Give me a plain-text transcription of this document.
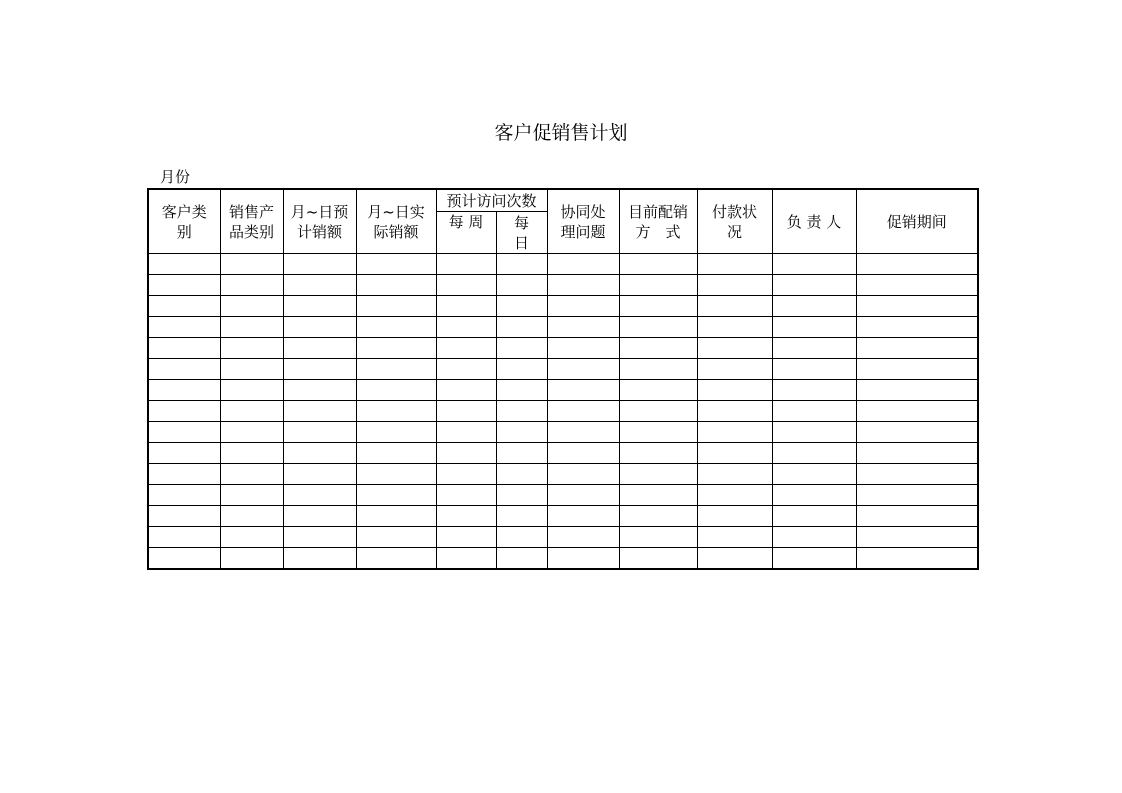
客户促销售计划
月份
客户类别	销售产品类别	月~日预计销额	月~日实际销额	预计访问次数		协同处理问题	目前配销方　式	付款状况	负 责 人	促销期间
				每 周	每日					
